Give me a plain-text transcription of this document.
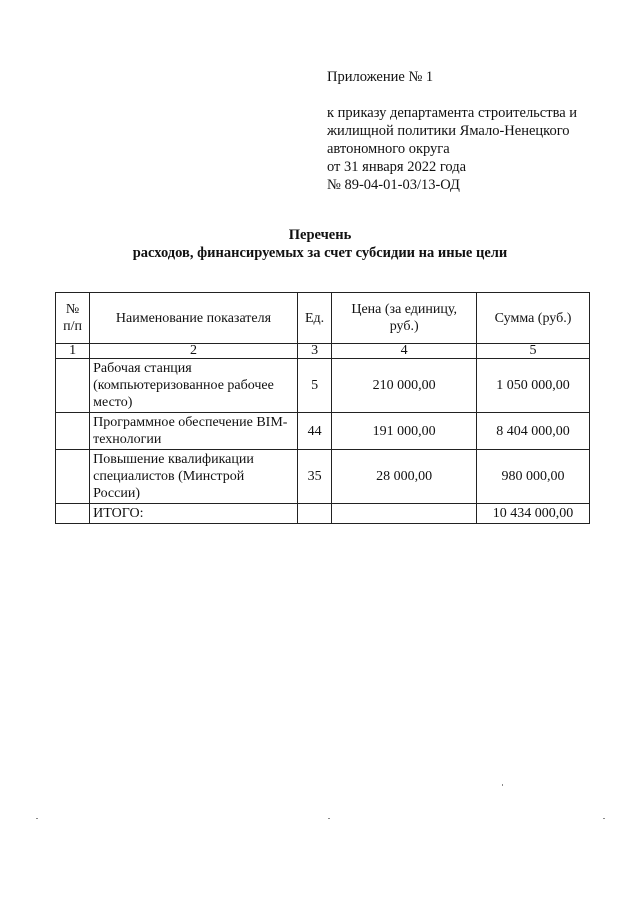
Приложение № 1
к приказу департамента строительства и
жилищной политики Ямало-Ненецкого
автономного округа
от 31 января 2022 года
№ 89-04-01-03/13-ОД
Перечень
расходов, финансируемых за счет субсидии на иные цели
№ п/п	Наименование показателя	Ед.	Цена (за единицу, руб.)	Сумма (руб.)
1	2	3	4	5
	Рабочая станция (компьютеризованное рабочее место)	5	210 000,00	1 050 000,00
	Программное обеспечение BIM-технологии	44	191 000,00	8 404 000,00
	Повышение квалификации специалистов (Минстрой России)	35	28 000,00	980 000,00
	ИТОГО:			10 434 000,00
